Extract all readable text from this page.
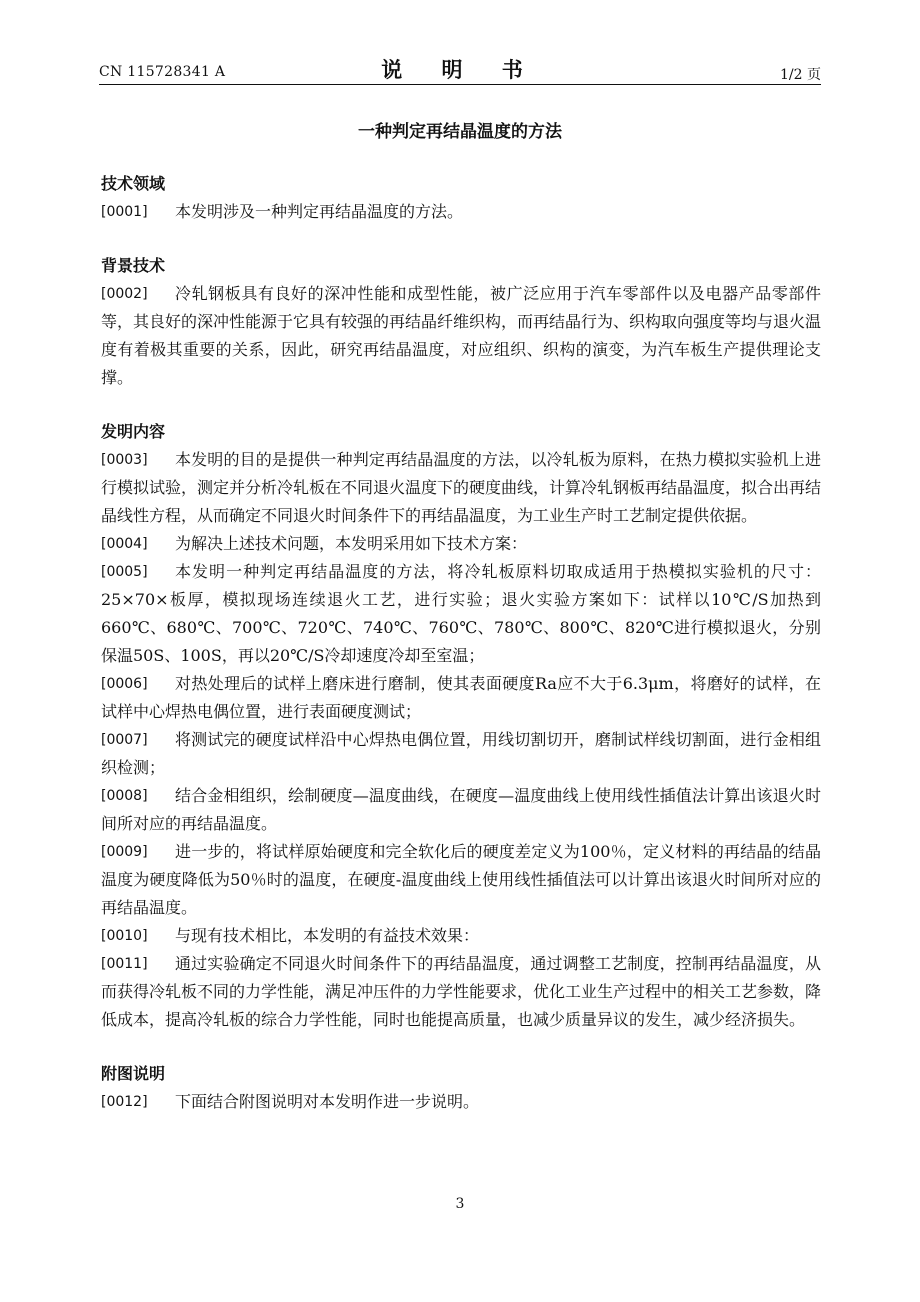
CN 115728341 A	说 明 书	1/2 页
一种判定再结晶温度的方法
技术领域
[0001]	本发明涉及一种判定再结晶温度的方法。
背景技术
[0002]	冷轧钢板具有良好的深冲性能和成型性能，被广泛应用于汽车零部件以及电器产品零部件等，其良好的深冲性能源于它具有较强的再结晶纤维织构，而再结晶行为、织构取向强度等均与退火温度有着极其重要的关系，因此，研究再结晶温度，对应组织、织构的演变，为汽车板生产提供理论支撑。
发明内容
[0003]	本发明的目的是提供一种判定再结晶温度的方法，以冷轧板为原料，在热力模拟实验机上进行模拟试验，测定并分析冷轧板在不同退火温度下的硬度曲线，计算冷轧钢板再结晶温度，拟合出再结晶线性方程，从而确定不同退火时间条件下的再结晶温度，为工业生产时工艺制定提供依据。
[0004]	为解决上述技术问题，本发明采用如下技术方案：
[0005]	本发明一种判定再结晶温度的方法，将冷轧板原料切取成适用于热模拟实验机的尺寸：25×70×板厚，模拟现场连续退火工艺，进行实验；退火实验方案如下：试样以10℃/S加热到660℃、680℃、700℃、720℃、740℃、760℃、780℃、800℃、820℃进行模拟退火，分别保温50S、100S，再以20℃/S冷却速度冷却至室温；
[0006]	对热处理后的试样上磨床进行磨制，使其表面硬度Ra应不大于6.3μm，将磨好的试样，在试样中心焊热电偶位置，进行表面硬度测试；
[0007]	将测试完的硬度试样沿中心焊热电偶位置，用线切割切开，磨制试样线切割面，进行金相组织检测；
[0008]	结合金相组织，绘制硬度—温度曲线，在硬度—温度曲线上使用线性插值法计算出该退火时间所对应的再结晶温度。
[0009]	进一步的，将试样原始硬度和完全软化后的硬度差定义为100％，定义材料的再结晶的结晶温度为硬度降低为50％时的温度，在硬度-温度曲线上使用线性插值法可以计算出该退火时间所对应的再结晶温度。
[0010]	与现有技术相比，本发明的有益技术效果：
[0011]	通过实验确定不同退火时间条件下的再结晶温度，通过调整工艺制度，控制再结晶温度，从而获得冷轧板不同的力学性能，满足冲压件的力学性能要求，优化工业生产过程中的相关工艺参数，降低成本，提高冷轧板的综合力学性能，同时也能提高质量，也减少质量异议的发生，减少经济损失。
附图说明
[0012]	下面结合附图说明对本发明作进一步说明。
3
